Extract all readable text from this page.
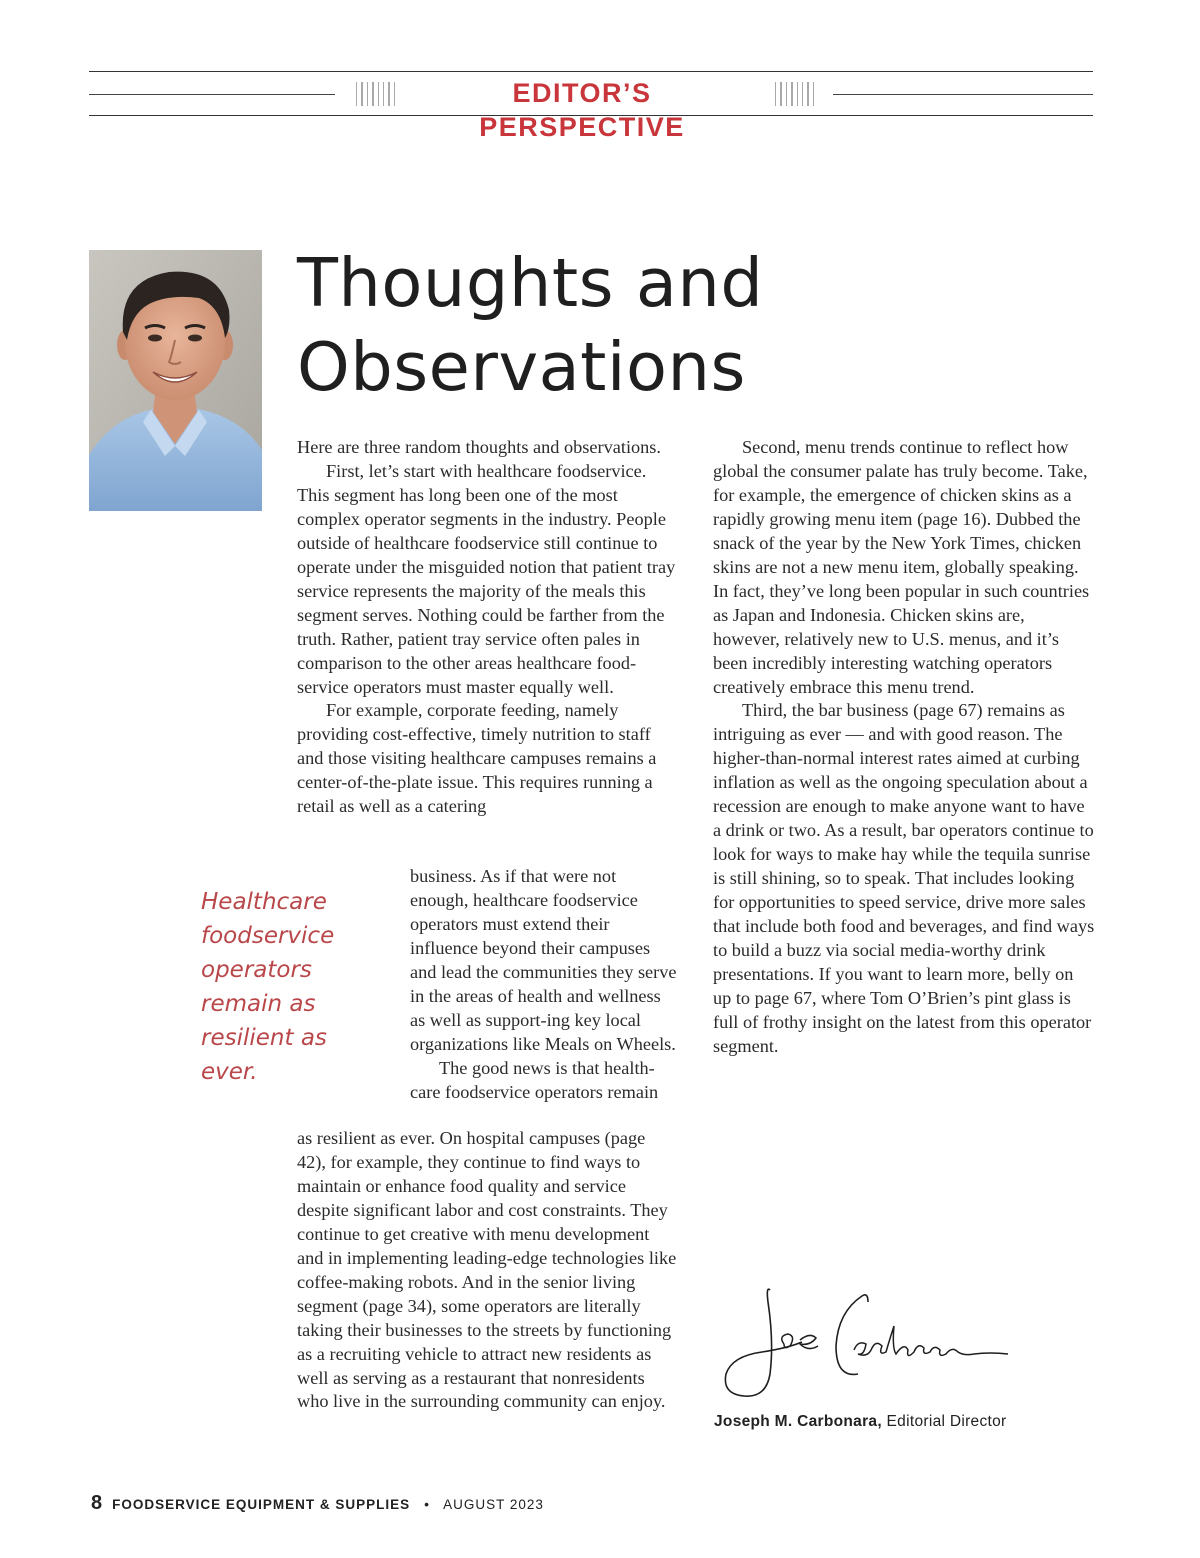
EDITOR’S PERSPECTIVE
Thoughts and
Observations

Here are three random thoughts and observations.

First, let’s start with healthcare foodservice. This segment has long been one of the most complex operator segments in the industry. People outside of healthcare foodservice still continue to operate under the misguided notion that patient tray service represents the majority of the meals this segment serves. Nothing could be farther from the truth. Rather, patient tray service often pales in comparison to the other areas healthcare food-service operators must master equally well.

For example, corporate feeding, namely providing cost-effective, timely nutrition to staff and those visiting healthcare campuses remains a center-of-the-plate issue. This requires running a retail as well as a catering

business. As if that were not enough, healthcare foodservice operators must extend their influence beyond their campuses and lead the communities they serve in the areas of health and wellness as well as support-ing key local organizations like Meals on Wheels.

The good news is that health-care foodservice operators remain

as resilient as ever. On hospital campuses (page 42), for example, they continue to find ways to maintain or enhance food quality and service despite significant labor and cost constraints. They continue to get creative with menu development and in implementing leading-edge technologies like coffee-making robots. And in the senior living segment (page 34), some operators are literally taking their businesses to the streets by functioning as a recruiting vehicle to attract new residents as well as serving as a restaurant that nonresidents who live in the surrounding community can enjoy.

Healthcare foodservice operators remain as resilient as ever.

Second, menu trends continue to reflect how global the consumer palate has truly become. Take, for example, the emergence of chicken skins as a rapidly growing menu item (page 16). Dubbed the snack of the year by the New York Times, chicken skins are not a new menu item, globally speaking. In fact, they’ve long been popular in such countries as Japan and Indonesia. Chicken skins are, however, relatively new to U.S. menus, and it’s been incredibly interesting watching operators creatively embrace this menu trend.

Third, the bar business (page 67) remains as intriguing as ever — and with good reason. The higher-than-normal interest rates aimed at curbing inflation as well as the ongoing speculation about a recession are enough to make anyone want to have a drink or two. As a result, bar operators continue to look for ways to make hay while the tequila sunrise is still shining, so to speak. That includes looking for opportunities to speed service, drive more sales that include both food and beverages, and find ways to build a buzz via social media-worthy drink presentations. If you want to learn more, belly on up to page 67, where Tom O’Brien’s pint glass is full of frothy insight on the latest from this operator segment.

Joseph M. Carbonara, Editorial Director
8 FOODSERVICE EQUIPMENT & SUPPLIES • AUGUST 2023
